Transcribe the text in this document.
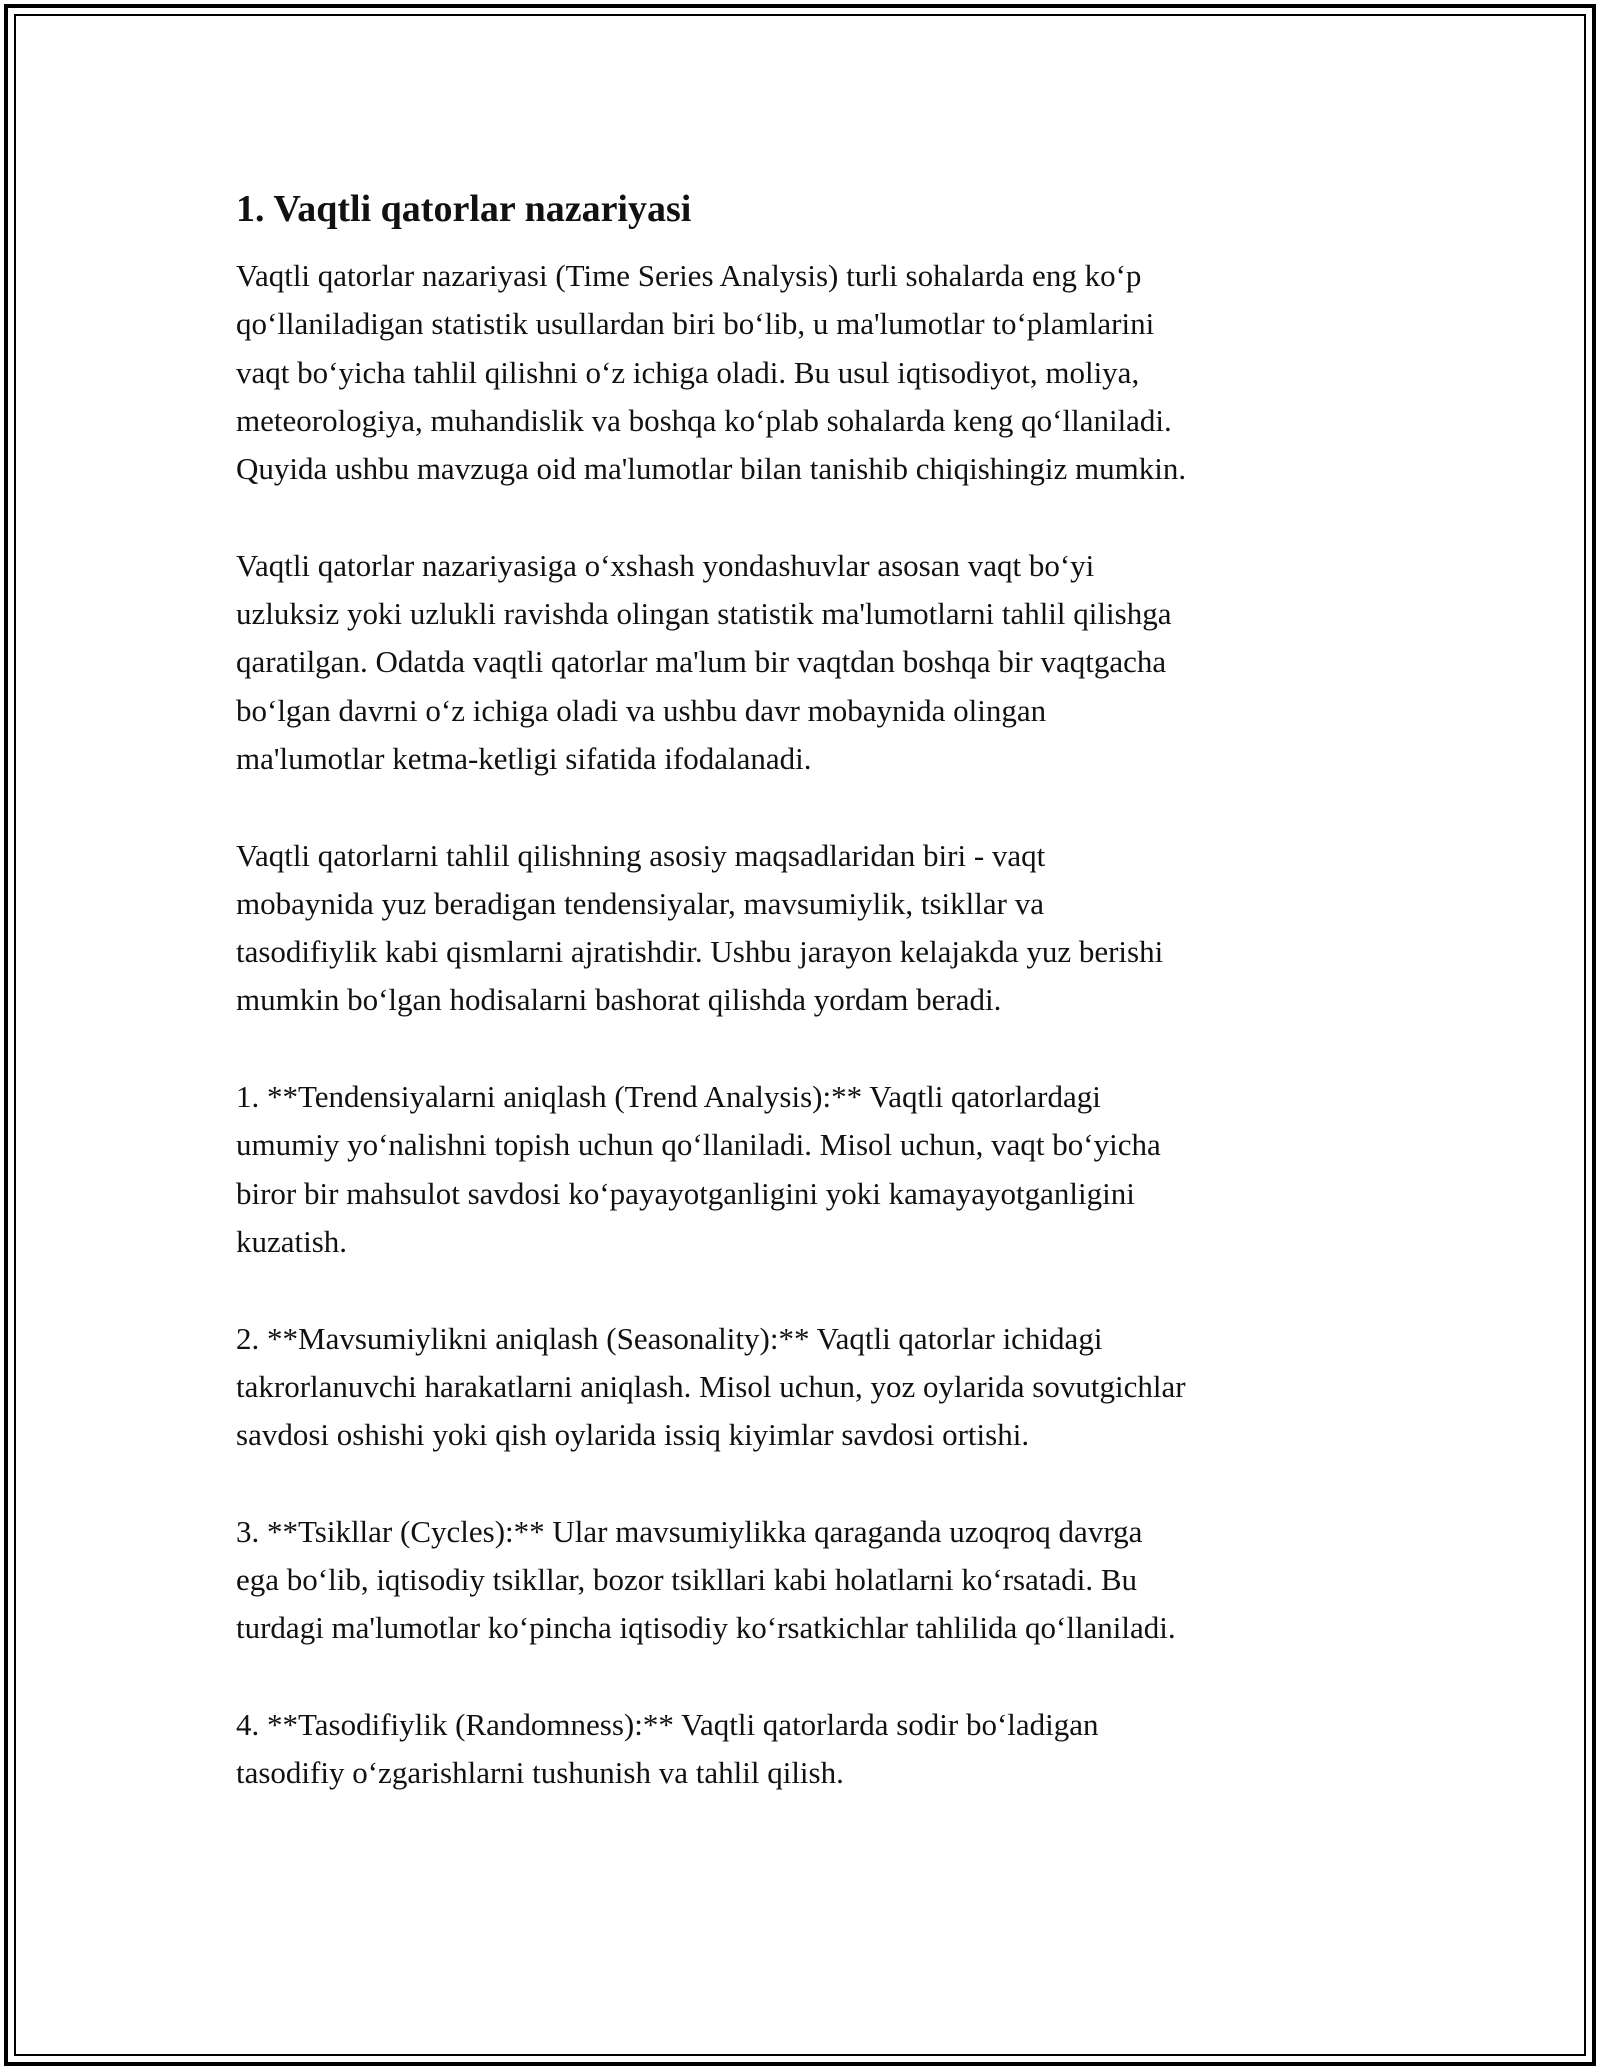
1. Vaqtli qatorlar nazariyasi

Vaqtli qatorlar nazariyasi (Time Series Analysis) turli sohalarda eng ko‘p
qo‘llaniladigan statistik usullardan biri bo‘lib, u ma'lumotlar to‘plamlarini
vaqt bo‘yicha tahlil qilishni o‘z ichiga oladi. Bu usul iqtisodiyot, moliya,
meteorologiya, muhandislik va boshqa ko‘plab sohalarda keng qo‘llaniladi.
Quyida ushbu mavzuga oid ma'lumotlar bilan tanishib chiqishingiz mumkin.

Vaqtli qatorlar nazariyasiga o‘xshash yondashuvlar asosan vaqt bo‘yi
uzluksiz yoki uzlukli ravishda olingan statistik ma'lumotlarni tahlil qilishga
qaratilgan. Odatda vaqtli qatorlar ma'lum bir vaqtdan boshqa bir vaqtgacha
bo‘lgan davrni o‘z ichiga oladi va ushbu davr mobaynida olingan
ma'lumotlar ketma-ketligi sifatida ifodalanadi.

Vaqtli qatorlarni tahlil qilishning asosiy maqsadlaridan biri - vaqt
mobaynida yuz beradigan tendensiyalar, mavsumiylik, tsikllar va
tasodifiylik kabi qismlarni ajratishdir. Ushbu jarayon kelajakda yuz berishi
mumkin bo‘lgan hodisalarni bashorat qilishda yordam beradi.

1. **Tendensiyalarni aniqlash (Trend Analysis):** Vaqtli qatorlardagi
umumiy yo‘nalishni topish uchun qo‘llaniladi. Misol uchun, vaqt bo‘yicha
biror bir mahsulot savdosi ko‘payayotganligini yoki kamayayotganligini
kuzatish.

2. **Mavsumiylikni aniqlash (Seasonality):** Vaqtli qatorlar ichidagi
takrorlanuvchi harakatlarni aniqlash. Misol uchun, yoz oylarida sovutgichlar
savdosi oshishi yoki qish oylarida issiq kiyimlar savdosi ortishi.

3. **Tsikllar (Cycles):** Ular mavsumiylikka qaraganda uzoqroq davrga
ega bo‘lib, iqtisodiy tsikllar, bozor tsikllari kabi holatlarni ko‘rsatadi. Bu
turdagi ma'lumotlar ko‘pincha iqtisodiy ko‘rsatkichlar tahlilida qo‘llaniladi.

4. **Tasodifiylik (Randomness):** Vaqtli qatorlarda sodir bo‘ladigan
tasodifiy o‘zgarishlarni tushunish va tahlil qilish.
